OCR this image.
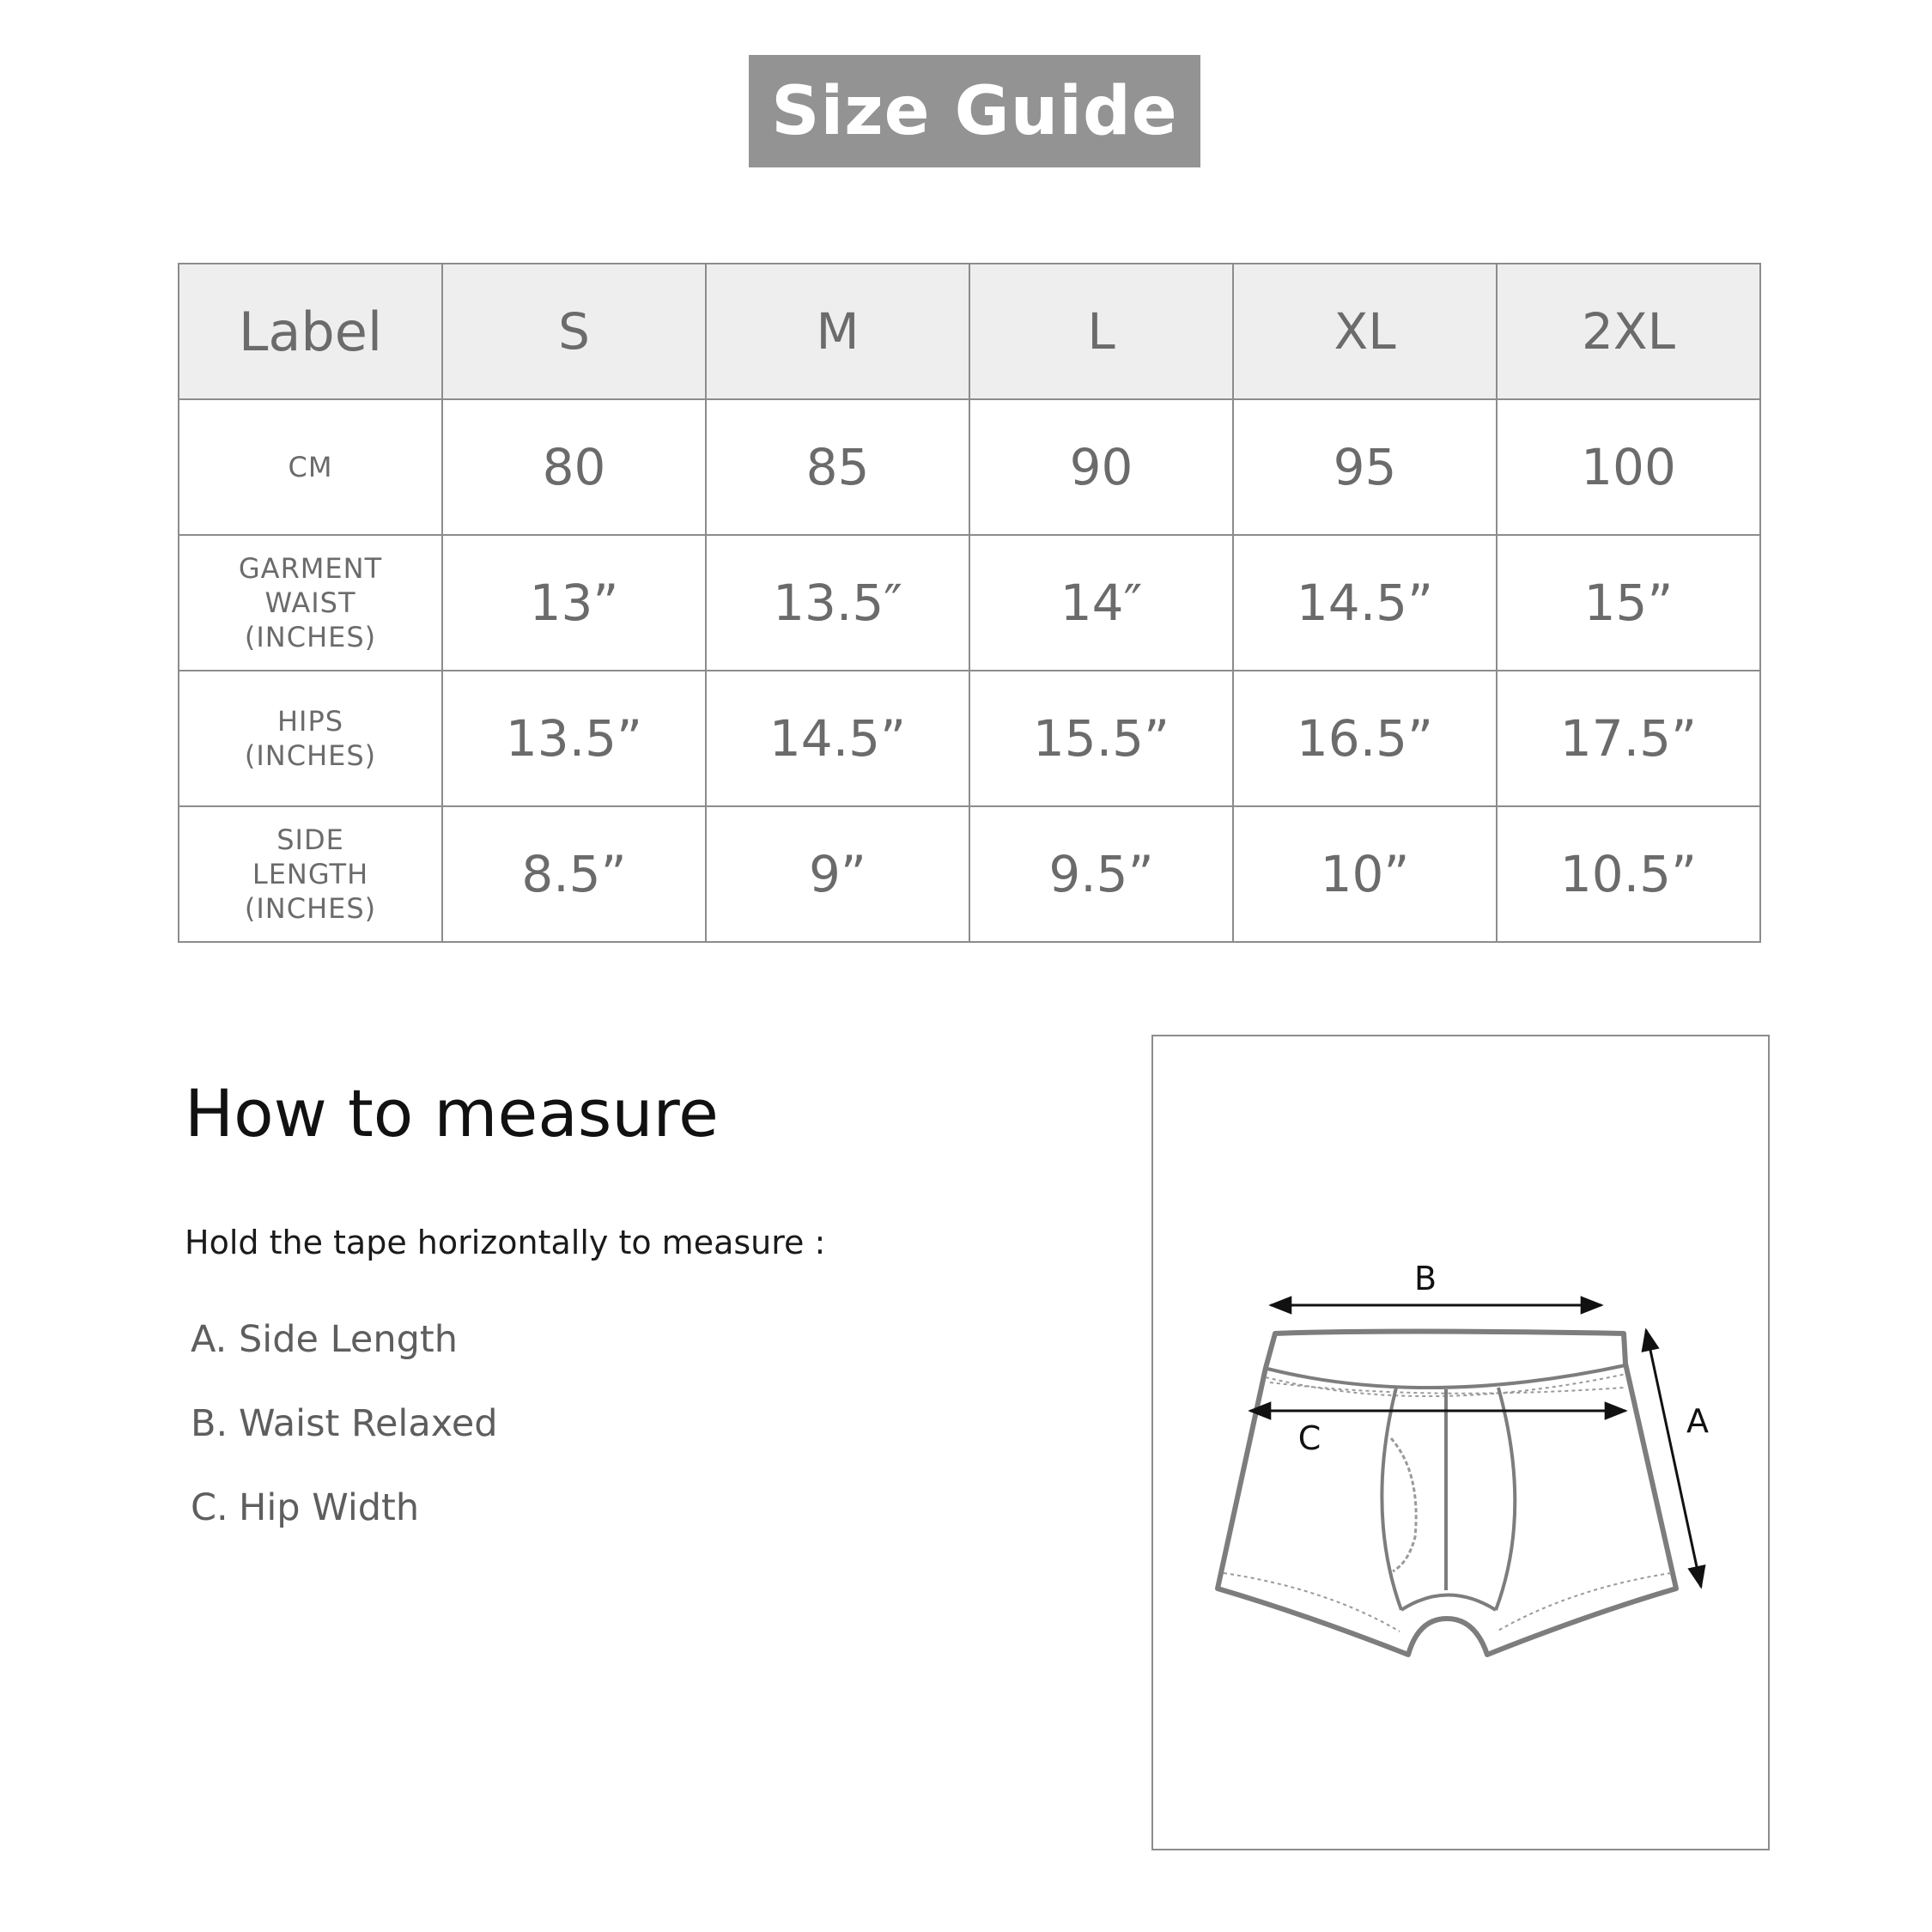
Size Guide
Label	S	M	L	XL	2XL

CM	80	85	90	95	100

GARMENT
WAIST
(INCHES)	13”	13.5″	14″	14.5”	15”

HIPS
(INCHES)	13.5”	14.5”	15.5”	16.5”	17.5”

SIDE
LENGTH
(INCHES)	8.5”	9”	9.5”	10”	10.5”
How to measure
Hold the tape horizontally to measure :
A. Side Length
B. Waist Relaxed
C. Hip Width
B
C	A
